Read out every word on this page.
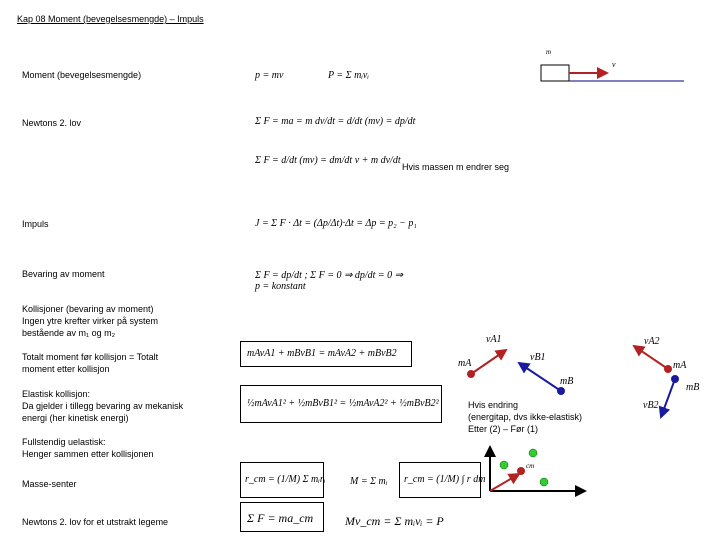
Kap 08 Moment (bevegelsesmengde) – Impuls
Moment (bevegelsesmengde)	p = mv	P = Σ mᵢvᵢ
Newtons 2. lov	Σ F = ma = m dv/dt = d/dt (mv) = dp/dt
Σ F = d/dt (mv) = dm/dt v + m dv/dt
Hvis massen m endrer seg
Impuls	J = Σ F · Δt = (Δp/Δt)·Δt = Δp = p₂ − p₁
Bevaring av moment	Σ F = dp/dt ; Σ F = 0 ⇒ dp/dt = 0 ⇒ p = konstant
Kollisjoner (bevaring av moment)
Ingen ytre krefter virker på system
bestående av m₁ og m₂
Totalt moment før kollisjon = Totalt
moment etter kollisjon
mAvA1 + mBvB1 = mAvA2 + mBvB2
Elastisk kollisjon:
Da gjelder i tillegg bevaring av mekanisk
energi (her kinetisk energi)
½mAvA1² + ½mBvB1² = ½mAvA2² + ½mBvB2²	Hvis endring
(energitap, dvs ikke-elastisk)
Etter (2) – Før (1)
Fullstendig uelastisk:
Henger sammen etter kollisjonen
Masse-senter	r_cm = (1/M) Σ mᵢrᵢ M = Σ mᵢ r_cm = (1/M) ∫ r dm
Newtons 2. lov for et utstrakt legeme	Σ F = ma_cm	Mv_cm = Σ mᵢvᵢ = P
m
v
mA
vA1
vB1
mB
vA2
mA
mB
vB2
cm
